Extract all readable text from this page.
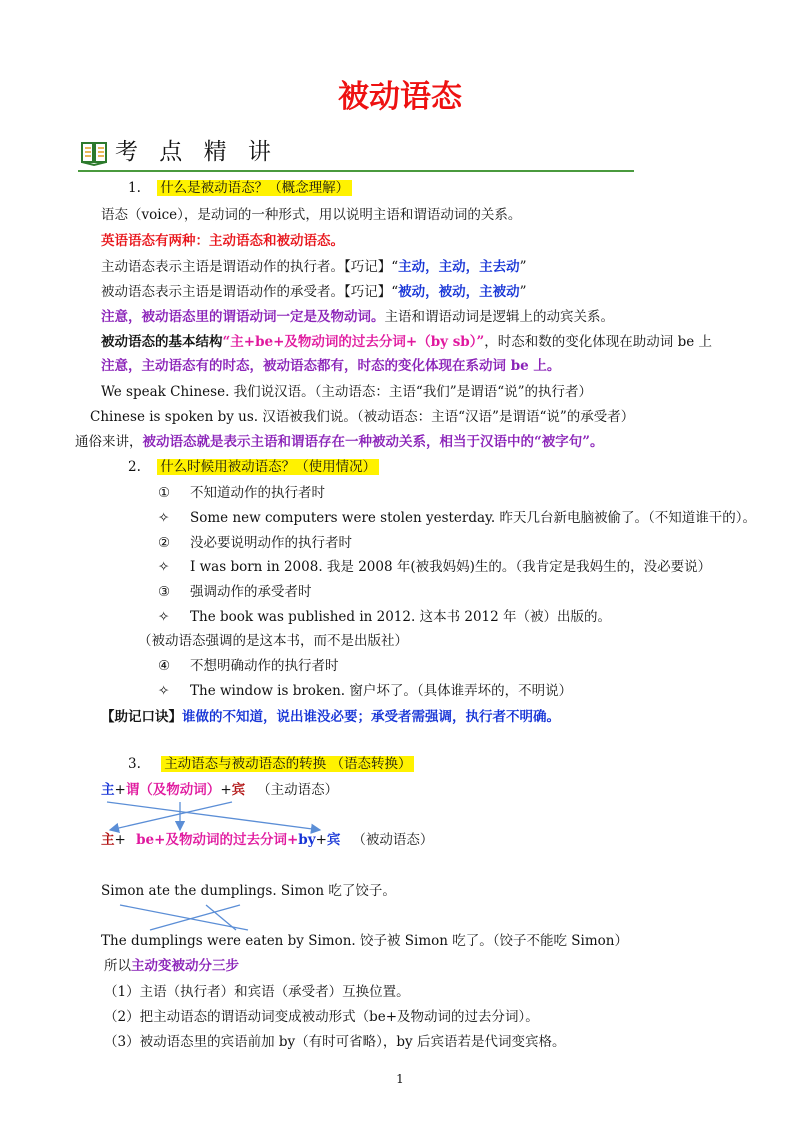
被动语态
考 点 精 讲
1. 什么是被动语态？（概念理解）
语态（voice），是动词的一种形式，用以说明主语和谓语动词的关系。
英语语态有两种：主动语态和被动语态。
主动语态表示主语是谓语动作的执行者。【巧记】“主动，主动，主去动”
被动语态表示主语是谓语动作的承受者。【巧记】“被动，被动，主被动”
注意，被动语态里的谓语动词一定是及物动词。主语和谓语动词是逻辑上的动宾关系。
被动语态的基本结构“主+be+及物动词的过去分词+（by sb）”，时态和数的变化体现在助动词 be 上
注意，主动语态有的时态，被动语态都有，时态的变化体现在系动词 be 上。
We speak Chinese. 我们说汉语。（主动语态：主语“我们”是谓语“说”的执行者）
Chinese is spoken by us. 汉语被我们说。（被动语态：主语“汉语”是谓语“说”的承受者）
通俗来讲，被动语态就是表示主语和谓语存在一种被动关系，相当于汉语中的“被字句”。
2. 什么时候用被动语态？（使用情况）
① 不知道动作的执行者时
✧ Some new computers were stolen yesterday. 昨天几台新电脑被偷了。（不知道谁干的）。
② 没必要说明动作的执行者时
✧ I was born in 2008. 我是 2008 年(被我妈妈)生的。（我肯定是我妈生的，没必要说）
③ 强调动作的承受者时
✧ The book was published in 2012. 这本书 2012 年（被）出版的。
（被动语态强调的是这本书，而不是出版社）
④ 不想明确动作的执行者时
✧ The window is broken. 窗户坏了。（具体谁弄坏的，不明说）
【助记口诀】谁做的不知道，说出谁没必要；承受者需强调，执行者不明确。
3. 主动语态与被动语态的转换 （语态转换）
主+谓（及物动词）+宾 （主动语态）
主+ be+及物动词的过去分词+by+宾 （被动语态）
Simon ate the dumplings. Simon 吃了饺子。
The dumplings were eaten by Simon. 饺子被 Simon 吃了。（饺子不能吃 Simon）
所以主动变被动分三步
（1）主语（执行者）和宾语（承受者）互换位置。
（2）把主动语态的谓语动词变成被动形式（be+及物动词的过去分词）。
（3）被动语态里的宾语前加 by（有时可省略），by 后宾语若是代词变宾格。
1
